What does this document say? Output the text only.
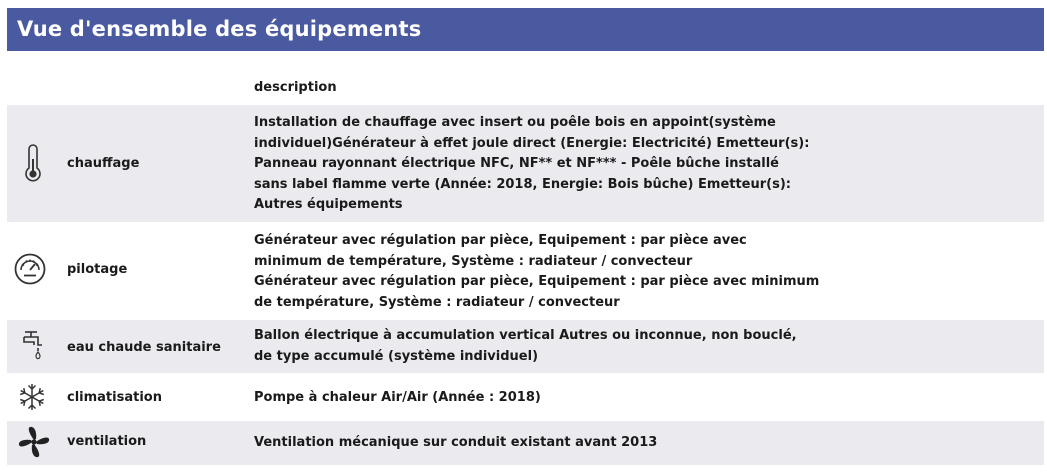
Vue d'ensemble des équipements
description
chauffage
Installation de chauffage avec insert ou poêle bois en appoint(système
individuel)Générateur à effet joule direct (Energie: Electricité) Emetteur(s):
Panneau rayonnant électrique NFC, NF** et NF*** - Poêle bûche installé
sans label flamme verte (Année: 2018, Energie: Bois bûche) Emetteur(s):
Autres équipements
pilotage
Générateur avec régulation par pièce, Equipement : par pièce avec
minimum de température, Système : radiateur / convecteur
Générateur avec régulation par pièce, Equipement : par pièce avec minimum
de température, Système : radiateur / convecteur
eau chaude sanitaire
Ballon électrique à accumulation vertical Autres ou inconnue, non bouclé,
de type accumulé (système individuel)
climatisation	Pompe à chaleur Air/Air (Année : 2018)
ventilation	Ventilation mécanique sur conduit existant avant 2013
